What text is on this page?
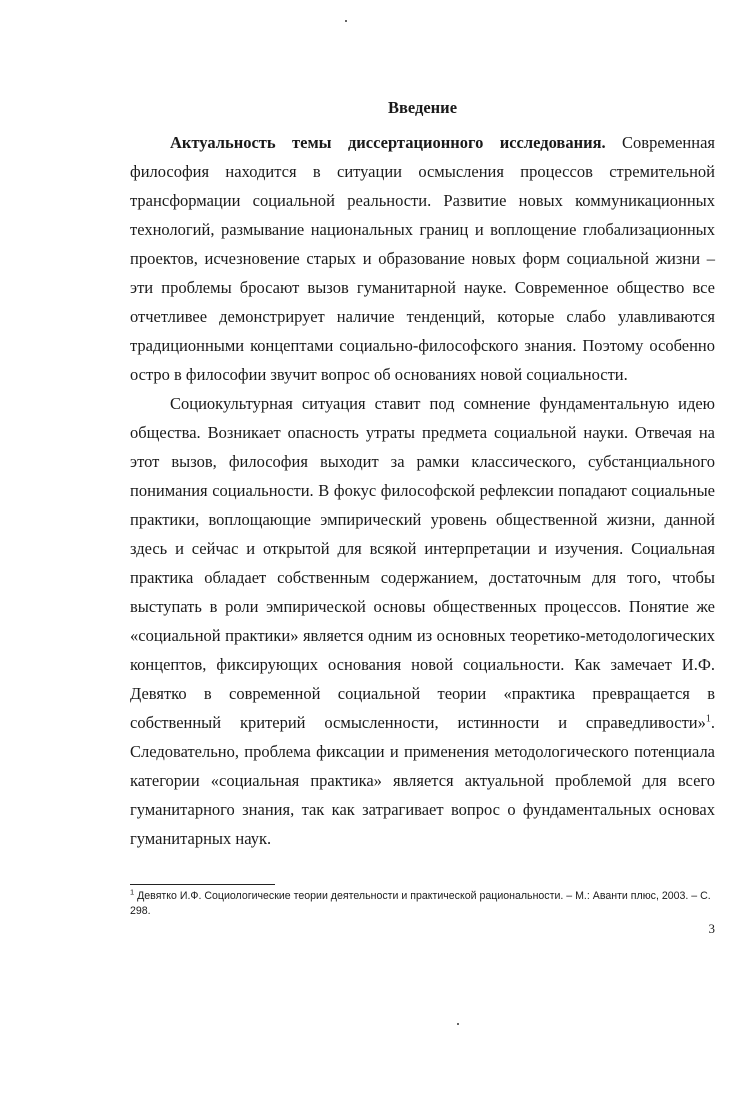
Введение

Актуальность темы диссертационного исследования. Современная философия находится в ситуации осмысления процессов стремительной трансформации социальной реальности. Развитие новых коммуникационных технологий, размывание национальных границ и воплощение глобализационных проектов, исчезновение старых и образование новых форм социальной жизни – эти проблемы бросают вызов гуманитарной науке. Современное общество все отчетливее демонстрирует наличие тенденций, которые слабо улавливаются традиционными концептами социально-философского знания. Поэтому особенно остро в философии звучит вопрос об основаниях новой социальности.

Социокультурная ситуация ставит под сомнение фундаментальную идею общества. Возникает опасность утраты предмета социальной науки. Отвечая на этот вызов, философия выходит за рамки классического, субстанциального понимания социальности. В фокус философской рефлексии попадают социальные практики, воплощающие эмпирический уровень общественной жизни, данной здесь и сейчас и открытой для всякой интерпретации и изучения. Социальная практика обладает собственным содержанием, достаточным для того, чтобы выступать в роли эмпирической основы общественных процессов. Понятие же «социальной практики» является одним из основных теоретико-методологических концептов, фиксирующих основания новой социальности. Как замечает И.Ф. Девятко в современной социальной теории «практика превращается в собственный критерий осмысленности, истинности и справедливости»$^1$. Следовательно, проблема фиксации и применения методологического потенциала категории «социальная практика» является актуальной проблемой для всего гуманитарного знания, так как затрагивает вопрос о фундаментальных основах гуманитарных наук.

$^1$ Девятко И.Ф. Социологические теории деятельности и практической рациональности. – М.: Аванти плюс, 2003. – С. 298.

3
